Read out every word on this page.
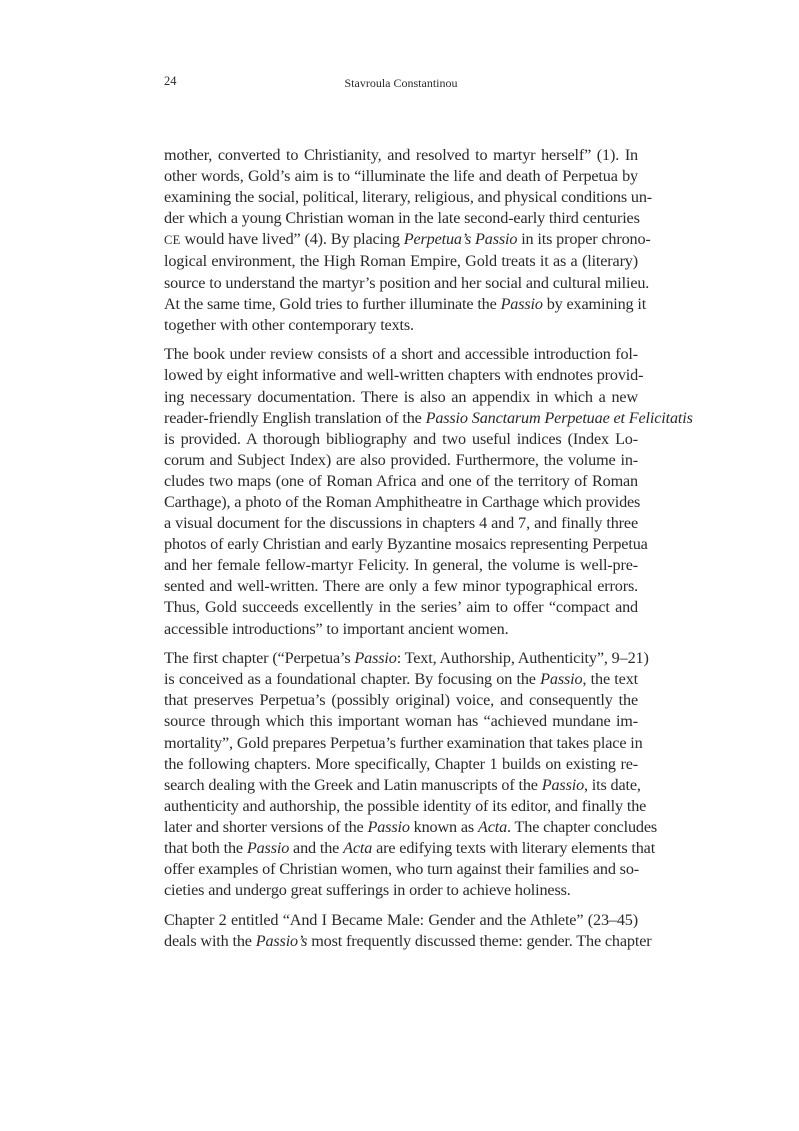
24	Stavroula Constantinou

mother, converted to Christianity, and resolved to martyr herself” (1). In
other words, Gold’s aim is to “illuminate the life and death of Perpetua by
examining the social, political, literary, religious, and physical conditions un-
der which a young Christian woman in the late second-early third centuries
CE would have lived” (4). By placing Perpetua’s Passio in its proper chrono-
logical environment, the High Roman Empire, Gold treats it as a (literary)
source to understand the martyr’s position and her social and cultural milieu.
At the same time, Gold tries to further illuminate the Passio by examining it
together with other contemporary texts.

The book under review consists of a short and accessible introduction fol-
lowed by eight informative and well-written chapters with endnotes provid-
ing necessary documentation. There is also an appendix in which a new
reader-friendly English translation of the Passio Sanctarum Perpetuae et Felicitatis
is provided. A thorough bibliography and two useful indices (Index Lo-
corum and Subject Index) are also provided. Furthermore, the volume in-
cludes two maps (one of Roman Africa and one of the territory of Roman
Carthage), a photo of the Roman Amphitheatre in Carthage which provides
a visual document for the discussions in chapters 4 and 7, and finally three
photos of early Christian and early Byzantine mosaics representing Perpetua
and her female fellow-martyr Felicity. In general, the volume is well-pre-
sented and well-written. There are only a few minor typographical errors.
Thus, Gold succeeds excellently in the series’ aim to offer “compact and
accessible introductions” to important ancient women.

The first chapter (“Perpetua’s Passio: Text, Authorship, Authenticity”, 9–21)
is conceived as a foundational chapter. By focusing on the Passio, the text
that preserves Perpetua’s (possibly original) voice, and consequently the
source through which this important woman has “achieved mundane im-
mortality”, Gold prepares Perpetua’s further examination that takes place in
the following chapters. More specifically, Chapter 1 builds on existing re-
search dealing with the Greek and Latin manuscripts of the Passio, its date,
authenticity and authorship, the possible identity of its editor, and finally the
later and shorter versions of the Passio known as Acta. The chapter concludes
that both the Passio and the Acta are edifying texts with literary elements that
offer examples of Christian women, who turn against their families and so-
cieties and undergo great sufferings in order to achieve holiness.

Chapter 2 entitled “And I Became Male: Gender and the Athlete” (23–45)
deals with the Passio’s most frequently discussed theme: gender. The chapter
